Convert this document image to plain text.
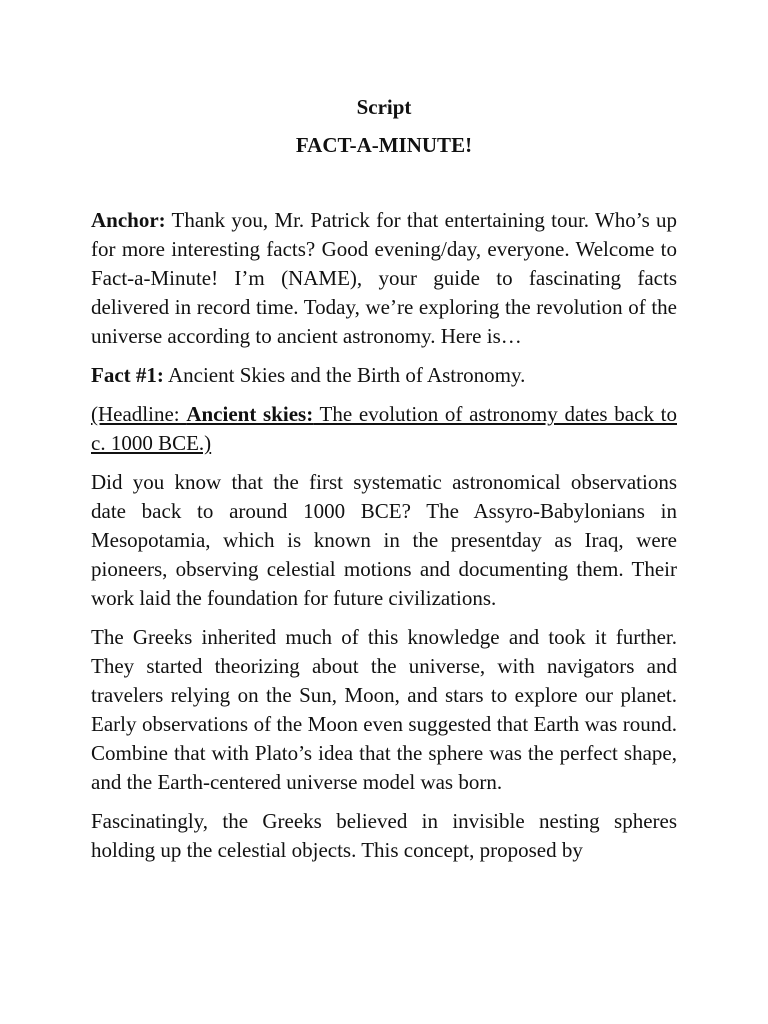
Script
FACT-A-MINUTE!

Anchor: Thank you, Mr. Patrick for that entertaining tour. Who’s up for more interesting facts? Good evening/day, everyone. Welcome to Fact-a-Minute! I’m (NAME), your guide to fascinating facts delivered in record time. Today, we’re exploring the revolution of the universe according to ancient astronomy. Here is…

Fact #1: Ancient Skies and the Birth of Astronomy.

(Headline: Ancient skies: The evolution of astronomy dates back to c. 1000 BCE.)

Did you know that the first systematic astronomical observations date back to around 1000 BCE? The Assyro-Babylonians in Mesopotamia, which is known in the presentday as Iraq, were pioneers, observing celestial motions and documenting them. Their work laid the foundation for future civilizations.

The Greeks inherited much of this knowledge and took it further. They started theorizing about the universe, with navigators and travelers relying on the Sun, Moon, and stars to explore our planet. Early observations of the Moon even suggested that Earth was round. Combine that with Plato’s idea that the sphere was the perfect shape, and the Earth-centered universe model was born.

Fascinatingly, the Greeks believed in invisible nesting spheres holding up the celestial objects. This concept, proposed by
